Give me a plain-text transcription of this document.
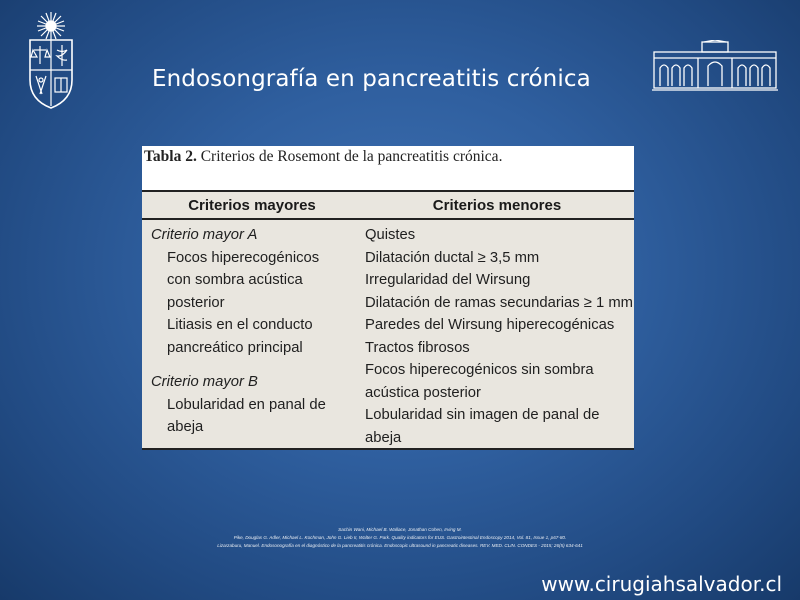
Endosongrafía en pancreatitis crónica
Tabla 2. Criterios de Rosemont de la pancreatitis crónica.
Criterios mayores	Criterios menores
Criterio mayor A
Focos hiperecogénicos
con sombra acústica
posterior
Litiasis en el conducto
pancreático principal
Criterio mayor B
Lobularidad en panal de
abeja
Quistes
Dilatación ductal ≥ 3,5 mm
Irregularidad del Wirsung
Dilatación de ramas secundarias ≥ 1 mm
Paredes del Wirsung hiperecogénicas
Tractos fibrosos
Focos hiperecogénicos sin sombra
acústica posterior
Lobularidad sin imagen de panal de
abeja
Sachin Wani, Michael B. Wallace, Jonathan Cohen, Irving M.
Pike, Douglas G. Adler, Michael L. Kochman, John G. Lieb II, Walter G. Park. Quality indicators for EUS. Gastrointestinal Endoscopy 2014, Vol. 81, Issue 1, p67-80.
Lizarzaburu, Manuel. Endosonografía en el diagnóstico de la pancreatitis crónica. Endoscopic ultrasound in pancreatic diseases. REV. MED. CLIN. CONDES - 2015; 26(5) 634-641
www.cirugiahsalvador.cl
